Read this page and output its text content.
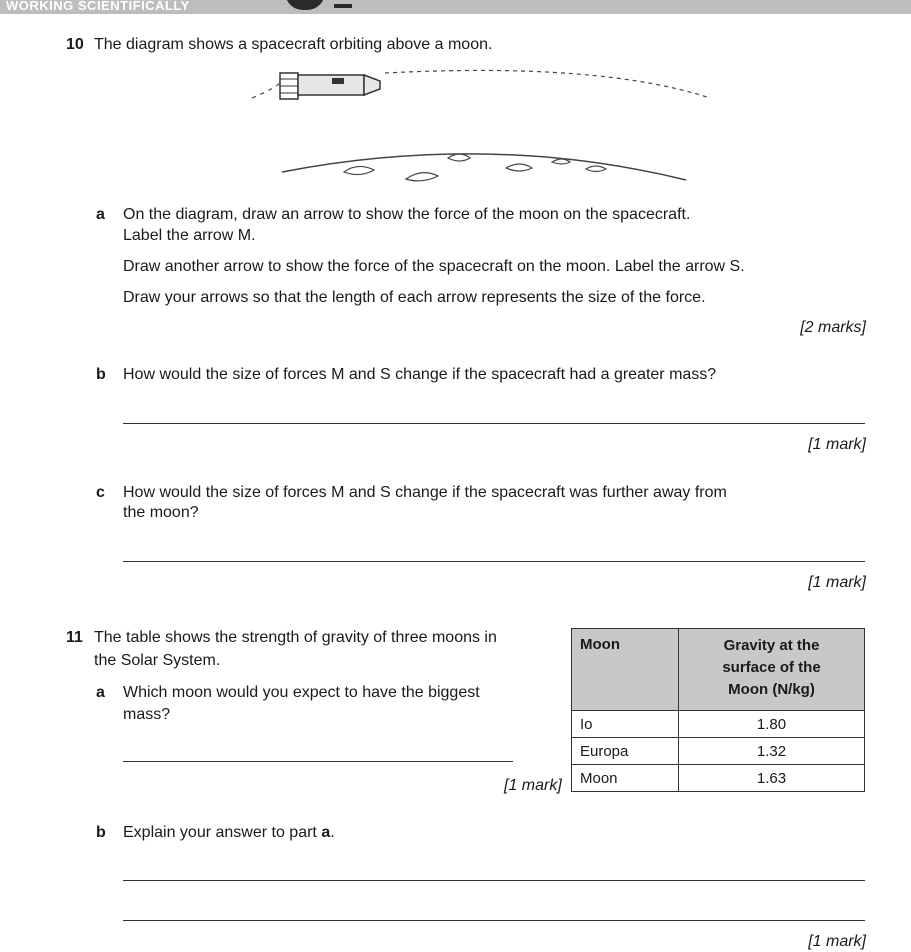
WORKING SCIENTIFICALLY
10 The diagram shows a spacecraft orbiting above a moon.
a On the diagram, draw an arrow to show the force of the moon on the spacecraft.
Label the arrow M.
Draw another arrow to show the force of the spacecraft on the moon. Label the arrow S.
Draw your arrows so that the length of each arrow represents the size of the force.
[2 marks]
b How would the size of forces M and S change if the spacecraft had a greater mass?
[1 mark]
c How would the size of forces M and S change if the spacecraft was further away from
the moon?
[1 mark]
11 The table shows the strength of gravity of three moons in
the Solar System.
a Which moon would you expect to have the biggest
mass?
[1 mark]
Moon	Gravity at the
surface of the
Moon (N/kg)

Io	1.80
Europa	1.32
Moon	1.63
b Explain your answer to part a.
[1 mark]
